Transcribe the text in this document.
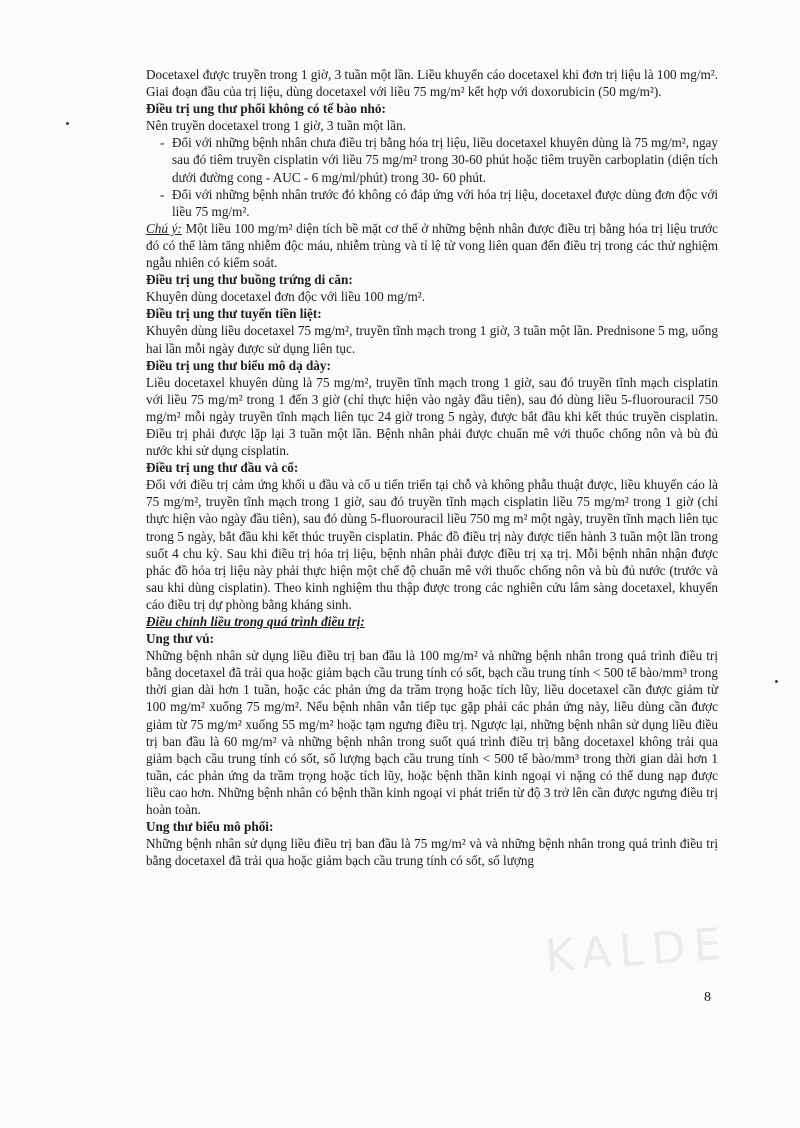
Docetaxel được truyền trong 1 giờ, 3 tuần một lần. Liều khuyến cáo docetaxel khi đơn trị liệu là 100 mg/m². Giai đoạn đầu của trị liệu, dùng docetaxel với liều 75 mg/m² kết hợp với doxorubicin (50 mg/m²).

Điều trị ung thư phổi không có tế bào nhỏ:

Nên truyền docetaxel trong 1 giờ, 3 tuần một lần.

- Đối với những bệnh nhân chưa điều trị bằng hóa trị liệu, liều docetaxel khuyên dùng là 75 mg/m², ngay sau đó tiêm truyền cisplatin với liều 75 mg/m² trong 30-60 phút hoặc tiêm truyền carboplatin (diện tích dưới đường cong - AUC - 6 mg/ml/phút) trong 30- 60 phút.

- Đối với những bệnh nhân trước đó không có đáp ứng với hóa trị liệu, docetaxel được dùng đơn độc với liều 75 mg/m².

Chú ý: Một liều 100 mg/m² diện tích bề mặt cơ thể ở những bệnh nhân được điều trị bằng hóa trị liệu trước đó có thể làm tăng nhiễm độc máu, nhiễm trùng và tỉ lệ tử vong liên quan đến điều trị trong các thử nghiệm ngẫu nhiên có kiểm soát.

Điều trị ung thư buồng trứng di căn:

Khuyên dùng docetaxel đơn độc với liều 100 mg/m².

Điều trị ung thư tuyến tiền liệt:

Khuyên dùng liều docetaxel 75 mg/m², truyền tĩnh mạch trong 1 giờ, 3 tuần một lần. Prednisone 5 mg, uống hai lần mỗi ngày được sử dụng liên tục.

Điều trị ung thư biểu mô dạ dày:

Liều docetaxel khuyên dùng là 75 mg/m², truyền tĩnh mạch trong 1 giờ, sau đó truyền tĩnh mạch cisplatin với liều 75 mg/m² trong 1 đến 3 giờ (chỉ thực hiện vào ngày đầu tiên), sau đó dùng liều 5-fluorouracil 750 mg/m² mỗi ngày truyền tĩnh mạch liên tục 24 giờ trong 5 ngày, được bắt đầu khi kết thúc truyền cisplatin. Điều trị phải được lặp lại 3 tuần một lần. Bệnh nhân phải được chuẩn mê với thuốc chống nôn và bù đủ nước khi sử dụng cisplatin.

Điều trị ung thư đầu và cổ:

Đối với điều trị cảm ứng khối u đầu và cổ u tiến triển tại chỗ và không phẫu thuật được, liều khuyến cáo là 75 mg/m², truyền tĩnh mạch trong 1 giờ, sau đó truyền tĩnh mạch cisplatin liều 75 mg/m² trong 1 giờ (chỉ thực hiện vào ngày đầu tiên), sau đó dùng 5-fluorouracil liều 750 mg m² một ngày, truyền tĩnh mạch liên tục trong 5 ngày, bắt đầu khi kết thúc truyền cisplatin. Phác đồ điều trị này được tiến hành 3 tuần một lần trong suốt 4 chu kỳ. Sau khi điều trị hóa trị liệu, bệnh nhân phải được điều trị xạ trị. Mỗi bệnh nhân nhận được phác đồ hóa trị liệu này phải thực hiện một chế độ chuẩn mê với thuốc chống nôn và bù đủ nước (trước và sau khi dùng cisplatin). Theo kinh nghiệm thu thập được trong các nghiên cứu lâm sàng docetaxel, khuyến cáo điều trị dự phòng bằng kháng sinh.

Điều chỉnh liều trong quá trình điều trị:

Ung thư vú:

Những bệnh nhân sử dụng liều điều trị ban đầu là 100 mg/m² và những bệnh nhân trong quá trình điều trị bằng docetaxel đã trải qua hoặc giảm bạch cầu trung tính có sốt, bạch cầu trung tính < 500 tế bào/mm³ trong thời gian dài hơn 1 tuần, hoặc các phản ứng da trầm trọng hoặc tích lũy, liều docetaxel cần được giảm từ 100 mg/m² xuống 75 mg/m². Nếu bệnh nhân vẫn tiếp tục gặp phải các phản ứng này, liều dùng cần được giảm từ 75 mg/m² xuống 55 mg/m² hoặc tạm ngưng điều trị. Ngược lại, những bệnh nhân sử dụng liều điều trị ban đầu là 60 mg/m² và những bệnh nhân trong suốt quá trình điều trị bằng docetaxel không trải qua giảm bạch cầu trung tính có sốt, số lượng bạch cầu trung tính < 500 tế bào/mm³ trong thời gian dài hơn 1 tuần, các phản ứng da trầm trọng hoặc tích lũy, hoặc bệnh thần kinh ngoại vi nặng có thể dung nạp được liều cao hơn. Những bệnh nhân có bệnh thần kinh ngoại vi phát triển từ độ 3 trở lên cần được ngưng điều trị hoàn toàn.

Ung thư biểu mô phổi:

Những bệnh nhân sử dụng liều điều trị ban đầu là 75 mg/m² và và những bệnh nhân trong quá trình điều trị bằng docetaxel đã trải qua hoặc giảm bạch cầu trung tính có sốt, số lượng

8
KALDE
